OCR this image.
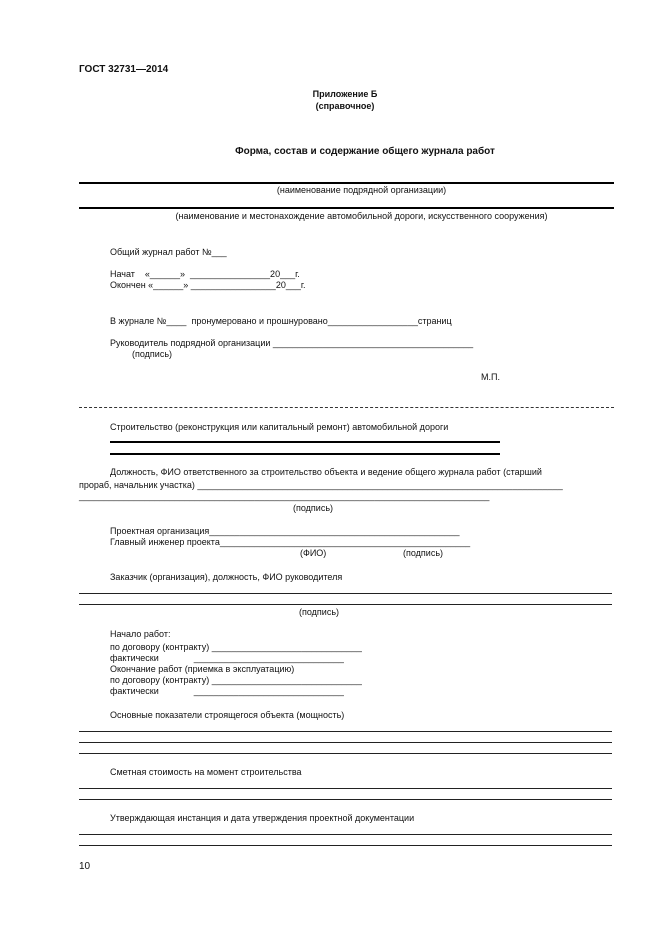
ГОСТ 32731—2014
Приложение Б
(справочное)
Форма, состав и содержание общего журнала работ
(наименование подрядной организации)
(наименование и местонахождение автомобильной дороги, искусственного сооружения)
Общий журнал работ №___
Начат    «______»  ________________20___г.
Окончен «______» _________________20___г.
В журнале №____  пронумеровано и прошнуровано__________________страниц
Руководитель подрядной организации ________________________________________
(подпись)
М.П.
Строительство (реконструкция или капитальный ремонт) автомобильной дороги
Должность, ФИО ответственного за строительство объекта и ведение общего журнала работ (старший
прораб, начальник участка) _________________________________________________________________________
__________________________________________________________________________________
(подпись)
Проектная организация__________________________________________________
Главный инженер проекта__________________________________________________
(ФИО)	(подпись)
Заказчик (организация), должность, ФИО руководителя
(подпись)
Начало работ:
по договору (контракту) ______________________________
фактически              ______________________________
Окончание работ (приемка в эксплуатацию)
по договору (контракту) ______________________________
фактически              ______________________________
Основные показатели строящегося объекта (мощность)
Сметная стоимость на момент строительства
Утверждающая инстанция и дата утверждения проектной документации
10
